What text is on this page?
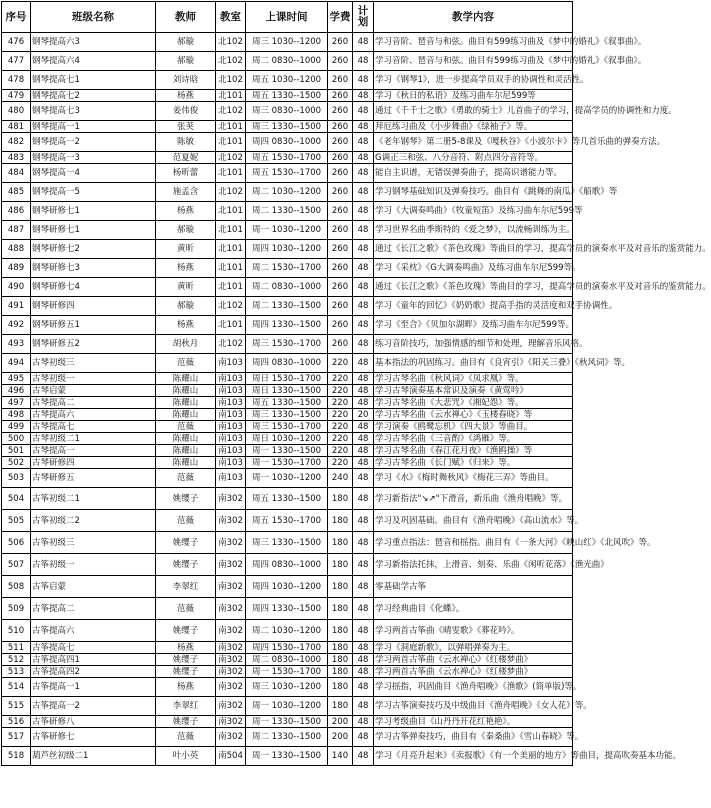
序号	班级名称	教师	教室	上课时间	学费	计划	教学内容
476	钢琴提高六3	郝璇	北102	周三 1030--1200	260	48	学习音阶、琶音与和弦。曲目有599练习曲及《梦中的婚礼》《叙事曲》。
477	钢琴提高六4	郝璇	北102	周二 0830--1000	260	48	学习音阶、琶音与和弦。曲目有599练习曲及《梦中的婚礼》《叙事曲》。
478	钢琴提高七1	刘诗晗	北102	周五 1030--1200	260	48	学习《钢琴1》，进一步提高学员双手的协调性和灵活性。
479	钢琴提高七2	杨燕	北101	周五 1330--1500	260	48	学习《秋日的私语》及练习曲车尔尼599等
480	钢琴提高七3	姜伟俊	北102	周三 0830--1000	260	48	通过《千千士之歌》《勇敢的骑士》儿首曲子的学习，提高学员的协调性和力度。
481	钢琴提高一1	张荚	北101	周三 1330--1500	260	48	拜厄练习曲及《小步舞曲》《绿袖子》等。
482	钢琴提高一2	陈敏	北101	周四 0830--1000	260	48	《老年钢琴》第二册5-8课及《嘎秋谷》《小波尔卡》等几首乐曲的弹奏方法。
483	钢琴提高一3	范夏妮	北102	周五 1530--1700	260	48	G调正三和弦、八分音符、附点四分音符等。
484	钢琴提高一4	杨昕蕾	北101	周五 1530--1700	260	48	能自主识谱，无错误弹奏曲子，提高识谱能力等。
485	钢琴提高一5	施孟含	北102	周二 1030--1200	260	48	学习钢琴基础知识及弹奏技巧。曲目有《跳舞的南瓜》《船歌》等
486	钢琴研修七1	杨燕	北101	周二 1330--1500	260	48	学习《大调奏鸣曲》《牧童短笛》及练习曲车尔尼599等
487	钢琴研修七1	郝璇	北101	周一 1030--1200	260	48	学习世界名曲季斯特的《爱之梦》，以流畅训练为主。
488	钢琴研修七2	黄昕	北101	周四 1030--1200	260	48	通过《长江之歌》《茶色玫瑰》等曲目的学习，提高学员的演奏水平及对音乐的鉴赏能力。
489	钢琴研修七3	杨燕	北101	周二 1530--1700	260	48	学习《采枕》《G大调奏鸣曲》及练习曲车尔尼599等。
490	钢琴研修七4	黄昕	北101	周二 0830--1000	260	48	通过《长江之歌》《茶色玫瑰》等曲目的学习，提高学员的演奏水平及对音乐的鉴赏能力。
491	钢琴研修四	郝璇	北102	周二 1330--1500	260	48	学习《童年的回忆》《奶奶歌》提高手指的灵活度和双手协调性。
492	钢琴研修五1	杨燕	北101	周四 1330--1500	260	48	学习《至合》《贝加尔湖畔》及练习曲车尔尼599等。
493	钢琴研修五2	胡秋月	北102	周三 1530--1700	260	48	练习音阶技巧，加强情感的细节和处理，理解音乐风格。
494	古琴初级三	范薇	南103	周四 0830--1000	220	48	基本指法的巩固练习。曲目有《良宵引》《阳关三叠》《秋风词》等。
495	古琴初级一	陈耀山	南103	周日 1530--1700	220	48	学习古琴名曲《秋风词》《凤求凰》等。
496	古琴启蒙	陈耀山	南103	周日 1330--1500	220	48	学习古琴演奏基本常识及演奏《黄莺吟》
497	古琴提高二	陈耀山	南103	周五 1330--1500	220	48	学习古琴名曲《大悲咒》《湘妃怨》等。
498	古琴提高六	陈耀山	南103	周三 1330--1500	220	20	学习古琴名曲《云水禅心》《玉楼春晓》等
499	古琴提高七	范薇	南103	周三 1530--1700	220	48	学习演奏《鸥鹭忘机》《四大景》等曲目。
500	古琴初级二1	陈耀山	南103	周日 1030--1200	220	48	学习古琴名曲《三音酌》《鸿雁》等。
501	古琴提高一	陈耀山	南103	周一 1330--1500	220	48	学习古琴名曲《春江花月夜》《渔鸥操》等
502	古琴研修四	陈耀山	南103	周一 1530--1700	220	48	学习古琴名曲《长门赋》《归来》等。
503	古琴研修五	范薇	南103	周一 1030--1200	240	48	学习《水》《梅时舞秋风》《梅花三弄》等曲目。
504	古筝初级二1	姚缨子	南302	周五 1330--1500	180	48	学习新指法"↘↗"下滑音，新乐曲《渔舟唱晚》等。
505	古筝初级二2	范薇	南302	周五 1530--1700	180	48	学习及巩固基础。曲目有《渔舟唱晚》《高山流水》等。
506	古筝初级三	姚缨子	南302	周三 1330--1500	180	48	学习重点指法：琶音和摇指。曲目有《一条大河》《映山红》《北风吹》等。
507	古筝初级一	姚缨子	南302	周四 0830--1000	180	48	学习新指法托抹，上滑音、刻奏、乐曲《闲听花落》《渔光曲》
508	古筝启蒙	李翠红	南302	周四 1030--1200	180	48	零基础学古筝
509	古筝提高二	范薇	南302	周四 1330--1500	180	48	学习经典曲目《化蝶》。
510	古筝提高六	姚缨子	南302	周二 1030--1200	180	48	学习两首古筝曲《晴雯歌》《葬花吟》。
511	古筝提高七	杨燕	南302	周四 1530--1700	180	48	学习《洞庭新歌》，以弹唱弹奏为主。
512	古筝提高四1	姚缨子	南302	周二 0830--1000	180	48	学习两首古筝曲《云水禅心》《红楼梦曲》
513	古筝提高四2	姚缨子	南302	周一 1530--1700	180	48	学习两首古筝曲《云水禅心》《红楼梦曲》
514	古筝提高一1	杨燕	南302	周三 1030--1200	180	48	学习摇指，巩固曲目《渔舟唱晚》《渔歌》(简单版)等。
515	古筝提高一2	李翠红	南302	周一 1030--1200	180	48	学习古筝演奏技巧及中级曲目《渔舟唱晚》《女人花》等。
516	古筝研修八	姚缨子	南302	周一 1330--1500	200	48	学习考级曲目《山丹丹开花红艳艳》。
517	古筝研修七	范薇	南302	周二 1330--1500	200	48	学习古筝弹奏技巧，曲目有《秦桑曲》《雪山春晓》等。
518	葫芦丝初级二1	叶小英	南504	周一 1330--1500	140	48	学习《月亮升起来》《卖报歌》《有一个美丽的地方》等曲目，提高吹奏基本功能。
